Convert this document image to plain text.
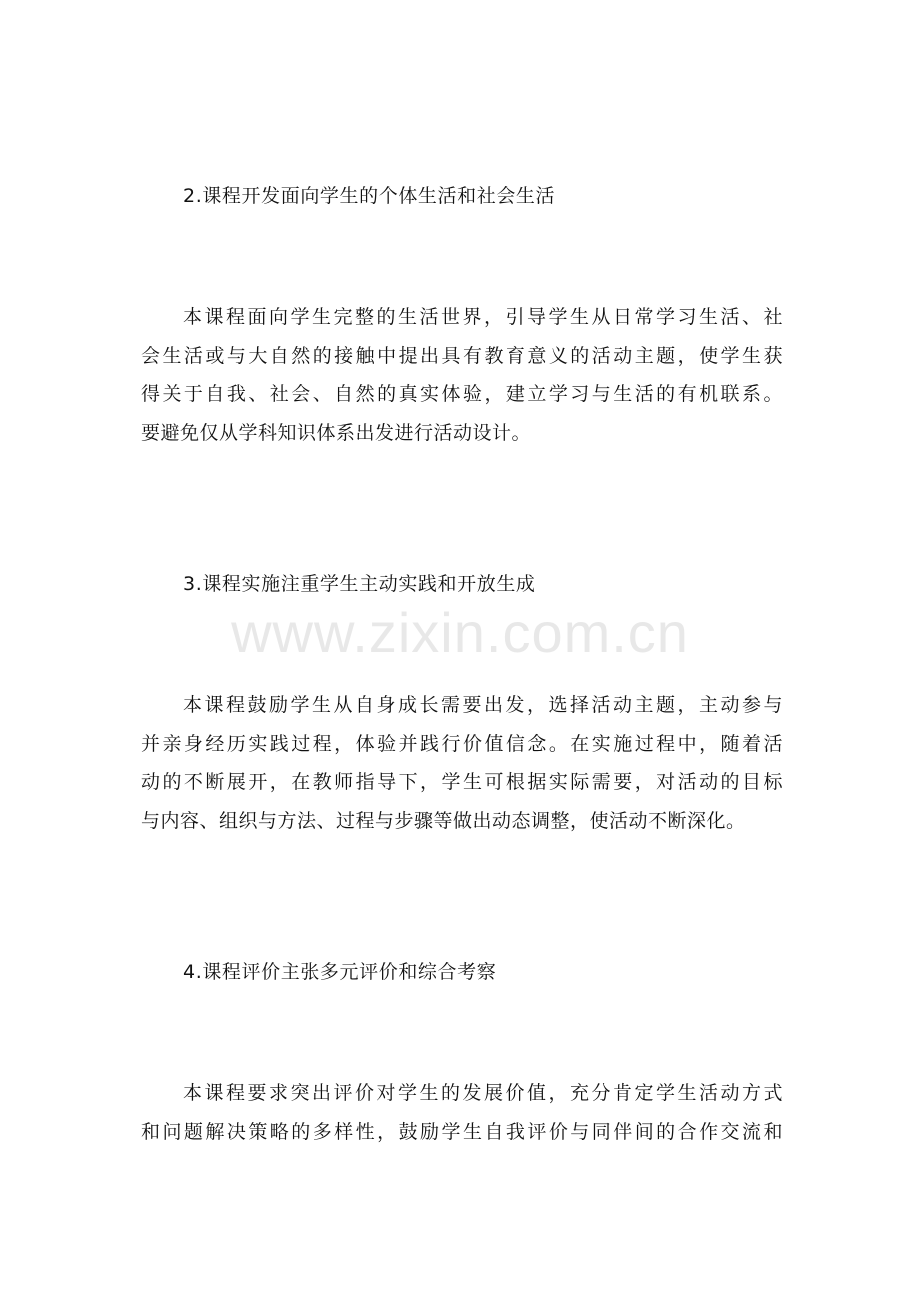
2.课程开发面向学生的个体生活和社会生活
本课程面向学生完整的生活世界，引导学生从日常学习生活、社
会生活或与大自然的接触中提出具有教育意义的活动主题，使学生获
得关于自我、社会、自然的真实体验，建立学习与生活的有机联系。
要避免仅从学科知识体系出发进行活动设计。
3.课程实施注重学生主动实践和开放生成
本课程鼓励学生从自身成长需要出发，选择活动主题，主动参与
并亲身经历实践过程，体验并践行价值信念。在实施过程中，随着活
动的不断展开，在教师指导下，学生可根据实际需要，对活动的目标
与内容、组织与方法、过程与步骤等做出动态调整，使活动不断深化。
4.课程评价主张多元评价和综合考察
本课程要求突出评价对学生的发展价值，充分肯定学生活动方式
和问题解决策略的多样性，鼓励学生自我评价与同伴间的合作交流和
www.zixin.com.cn
